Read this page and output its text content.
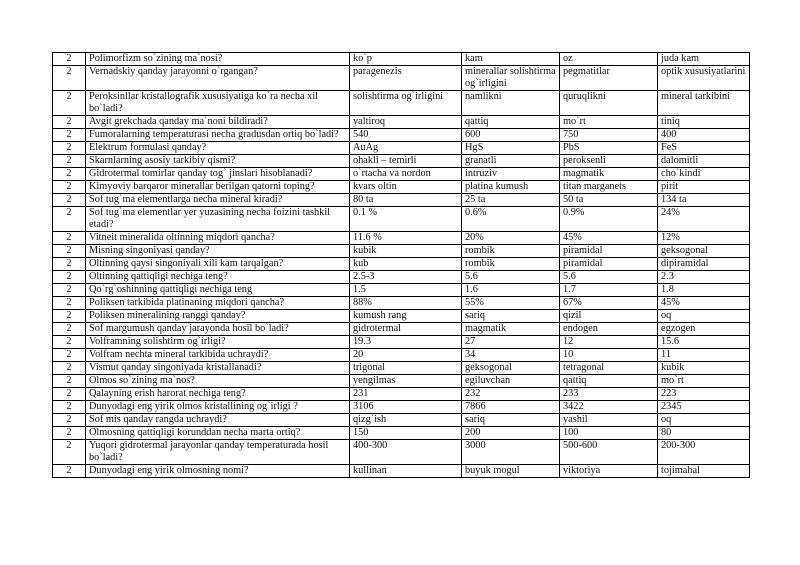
2	Polimorfizm so`zining ma`nosi?	ko`p	kam	oz	juda kam
2	Vernadskiy qanday jarayonni o`rgangan?	paragenezis	minerallar solishtirma og`irligini	pegmatitlar	optik xususiyatlarini
2	Peroksinllar kristallografik xususiyatiga ko`ra necha xil bo`ladi?	solishtirma og`irligini	namlikni	quruqlikni	mineral tarkibini
2	Avgit grekchada qanday ma`noni bildiradi?	yaltiroq	qattiq	mo`rt	tiniq
2	Fumoralarning temperaturasi necha gradusdan ortiq bo`ladi?	540	600	750	400
2	Elektrum formulasi qanday?	AuAg	HgS	PbS	FeS
2	Skarnlarning asosiy tarkibiy qismi?	ohakli – temirli	granatli	peroksenli	dalomitli
2	Gidrotermal tomirlar qanday tog` jinslari hisoblanadi?	o`rtacha va nordon	intruziv	magmatik	cho`kindi
2	Kimyoviy barqaror minerallar berilgan qatorni toping?	kvars oltin	platina kumush	titan marganets	pirit
2	Sof tug`ma elementlarga necha mineral kiradi?	80 ta	25 ta	50 ta	134 ta
2	Sof tug`ma elementlar yer yuzasining necha foizini tashkil etadi?	0.1 %	0.6%	0.9%	24%
2	Vitneit mineralida oltinning miqdori qancha?	11.6 %	20%	45%	12%
2	Misning singoniyasi qanday?	kubik	rombik	piramidal	geksogonal
2	Oltinning qaysi singoniyali xili kam tarqalgan?	kub	rombik	piramidal	dipiramidal
2	Oltinning qattiqligi nechiga teng?	2.5-3	5.6	5.6	2.3
2	Qo`rg`oshinning qattiqligi nechiga teng	1.5	1.6	1.7	1.8
2	Poliksen tarkibida platinaning miqdori qancha?	88%	55%	67%	45%
2	Poliksen mineralining ranggi qanday?	kumush rang	sariq	qizil	oq
2	Sof margumush qanday jarayonda hosil bo`ladi?	gidrotermal	magmatik	endogen	egzogen
2	Volframning solishtirm og`irligi?	19.3	27	12	15.6
2	Volfram nechta mineral tarkibida uchraydi?	20	34	10	11
2	Vismut qanday singoniyada kristallanadi?	trigonal	geksogonal	tetragonal	kubik
2	Olmos so`zining ma`nos?	yengilmas	egiluvchan	qattiq	mo`rt
2	Qalayning erish harorat nechiga teng?	231	232	233	223
2	Dunyodagi eng yirik olmos kristallining og`irligi ?	3106	7866	3422	2345
2	Sof mis qanday rangda uchraydi?	qizg`ish	sariq	yashil	oq
2	Olmosning qattiqligi korunddan necha marta ortiq?	150	200	100	80
2	Yuqori gidrotermal jarayonlar qanday temperaturada hosil bo`ladi?	400-300	3000	500-600	200-300
2	Dunyodagi eng yirik olmosning nomi?	kullinan	buyuk mogul	viktoriya	tojimahal
